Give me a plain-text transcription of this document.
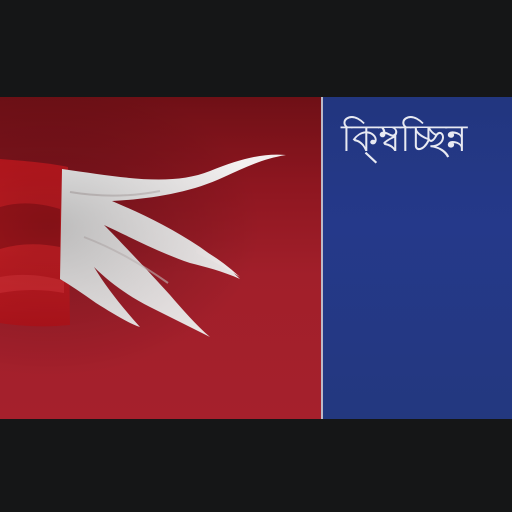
ক্ম্বিচ্ছিন্ন
